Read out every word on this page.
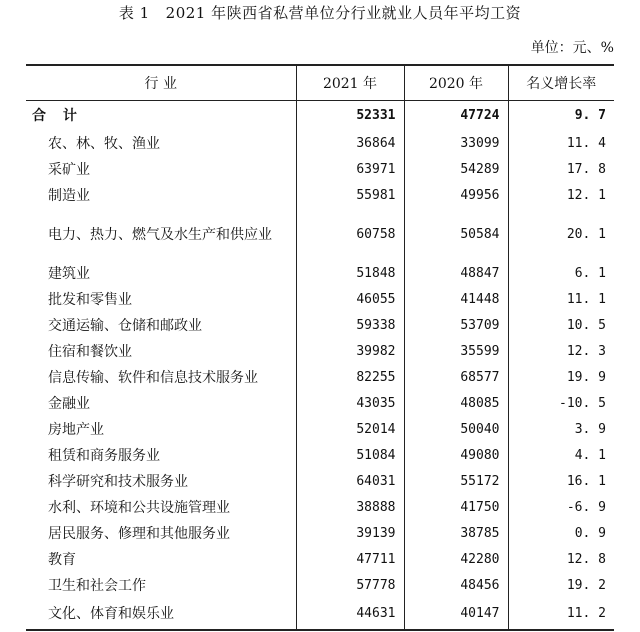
表 1 2021 年陕西省私营单位分行业就业人员年平均工资
单位：元、%
行 业	2021 年	2020 年	名义增长率
合 计	52331	47724	9. 7
农、林、牧、渔业	36864	33099	11. 4
采矿业	63971	54289	17. 8
制造业	55981	49956	12. 1
电力、热力、燃气及水生产和供应业	60758	50584	20. 1
建筑业	51848	48847	6. 1
批发和零售业	46055	41448	11. 1
交通运输、仓储和邮政业	59338	53709	10. 5
住宿和餐饮业	39982	35599	12. 3
信息传输、软件和信息技术服务业	82255	68577	19. 9
金融业	43035	48085	-10. 5
房地产业	52014	50040	3. 9
租赁和商务服务业	51084	49080	4. 1
科学研究和技术服务业	64031	55172	16. 1
水利、环境和公共设施管理业	38888	41750	-6. 9
居民服务、修理和其他服务业	39139	38785	0. 9
教育	47711	42280	12. 8
卫生和社会工作	57778	48456	19. 2
文化、体育和娱乐业	44631	40147	11. 2
